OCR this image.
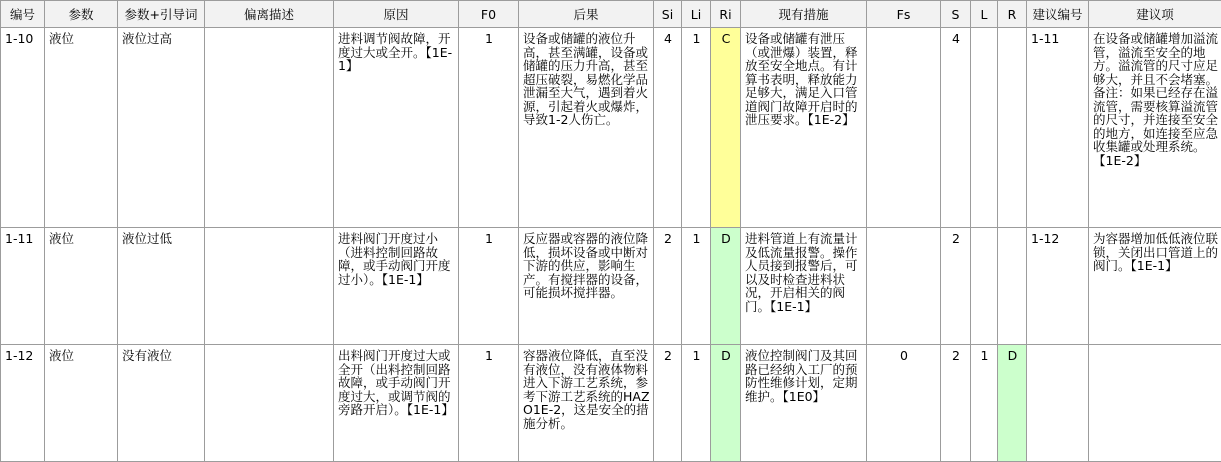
编号	参数	参数+引导词	偏离描述	原因	F0	后果	Si	Li	Ri	现有措施	Fs	S	L	R	建议编号	建议项

1-10	液位	液位过高		进料调节阀故障，开度过大或全开。【1E-1】	1	设备或储罐的液位升高，甚至满罐，设备或储罐的压力升高，甚至超压破裂，易燃化学品泄漏至大气，遇到着火源，引起着火或爆炸，导致1-2人伤亡。	4	1	C	设备或储罐有泄压（或泄爆）装置，释放至安全地点。有计算书表明，释放能力足够大，满足入口管道阀门故障开启时的泄压要求。【1E-2】		4			1-11	在设备或储罐增加溢流管，溢流至安全的地方。溢流管的尺寸应足够大，并且不会堵塞。备注：如果已经存在溢流管，需要核算溢流管的尺寸，并连接至安全的地方，如连接至应急收集罐或处理系统。【1E-2】

1-11	液位	液位过低		进料阀门开度过小（进料控制回路故障，或手动阀门开度过小）。【1E-1】	1	反应器或容器的液位降低，损坏设备或中断对下游的供应，影响生产。有搅拌器的设备，可能损坏搅拌器。	2	1	D	进料管道上有流量计及低流量报警。操作人员接到报警后，可以及时检查进料状况，开启相关的阀门。【1E-1】		2			1-12	为容器增加低低液位联锁，关闭出口管道上的阀门。【1E-1】

1-12	液位	没有液位		出料阀门开度过大或全开（出料控制回路故障，或手动阀门开度过大，或调节阀的旁路开启）。【1E-1】	1	容器液位降低，直至没有液位，没有液体物料进入下游工艺系统，参考下游工艺系统的HAZO1E-2，这是安全的措施分析。	2	1	D	液位控制阀门及其回路已经纳入工厂的预防性维修计划，定期维护。【1E0】	0	2	1	D		
